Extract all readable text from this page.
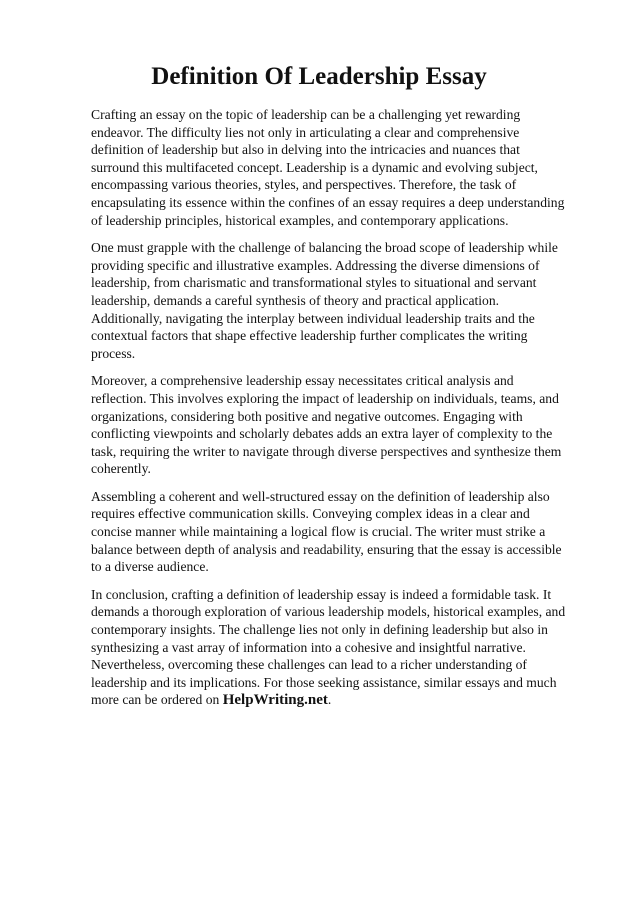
Definition Of Leadership Essay

Crafting an essay on the topic of leadership can be a challenging yet rewarding endeavor. The difficulty lies not only in articulating a clear and comprehensive definition of leadership but also in delving into the intricacies and nuances that surround this multifaceted concept. Leadership is a dynamic and evolving subject, encompassing various theories, styles, and perspectives. Therefore, the task of encapsulating its essence within the confines of an essay requires a deep understanding of leadership principles, historical examples, and contemporary applications.

One must grapple with the challenge of balancing the broad scope of leadership while providing specific and illustrative examples. Addressing the diverse dimensions of leadership, from charismatic and transformational styles to situational and servant leadership, demands a careful synthesis of theory and practical application. Additionally, navigating the interplay between individual leadership traits and the contextual factors that shape effective leadership further complicates the writing process.

Moreover, a comprehensive leadership essay necessitates critical analysis and reflection. This involves exploring the impact of leadership on individuals, teams, and organizations, considering both positive and negative outcomes. Engaging with conflicting viewpoints and scholarly debates adds an extra layer of complexity to the task, requiring the writer to navigate through diverse perspectives and synthesize them coherently.

Assembling a coherent and well-structured essay on the definition of leadership also requires effective communication skills. Conveying complex ideas in a clear and concise manner while maintaining a logical flow is crucial. The writer must strike a balance between depth of analysis and readability, ensuring that the essay is accessible to a diverse audience.

In conclusion, crafting a definition of leadership essay is indeed a formidable task. It demands a thorough exploration of various leadership models, historical examples, and contemporary insights. The challenge lies not only in defining leadership but also in synthesizing a vast array of information into a cohesive and insightful narrative. Nevertheless, overcoming these challenges can lead to a richer understanding of leadership and its implications. For those seeking assistance, similar essays and much more can be ordered on HelpWriting.net.
